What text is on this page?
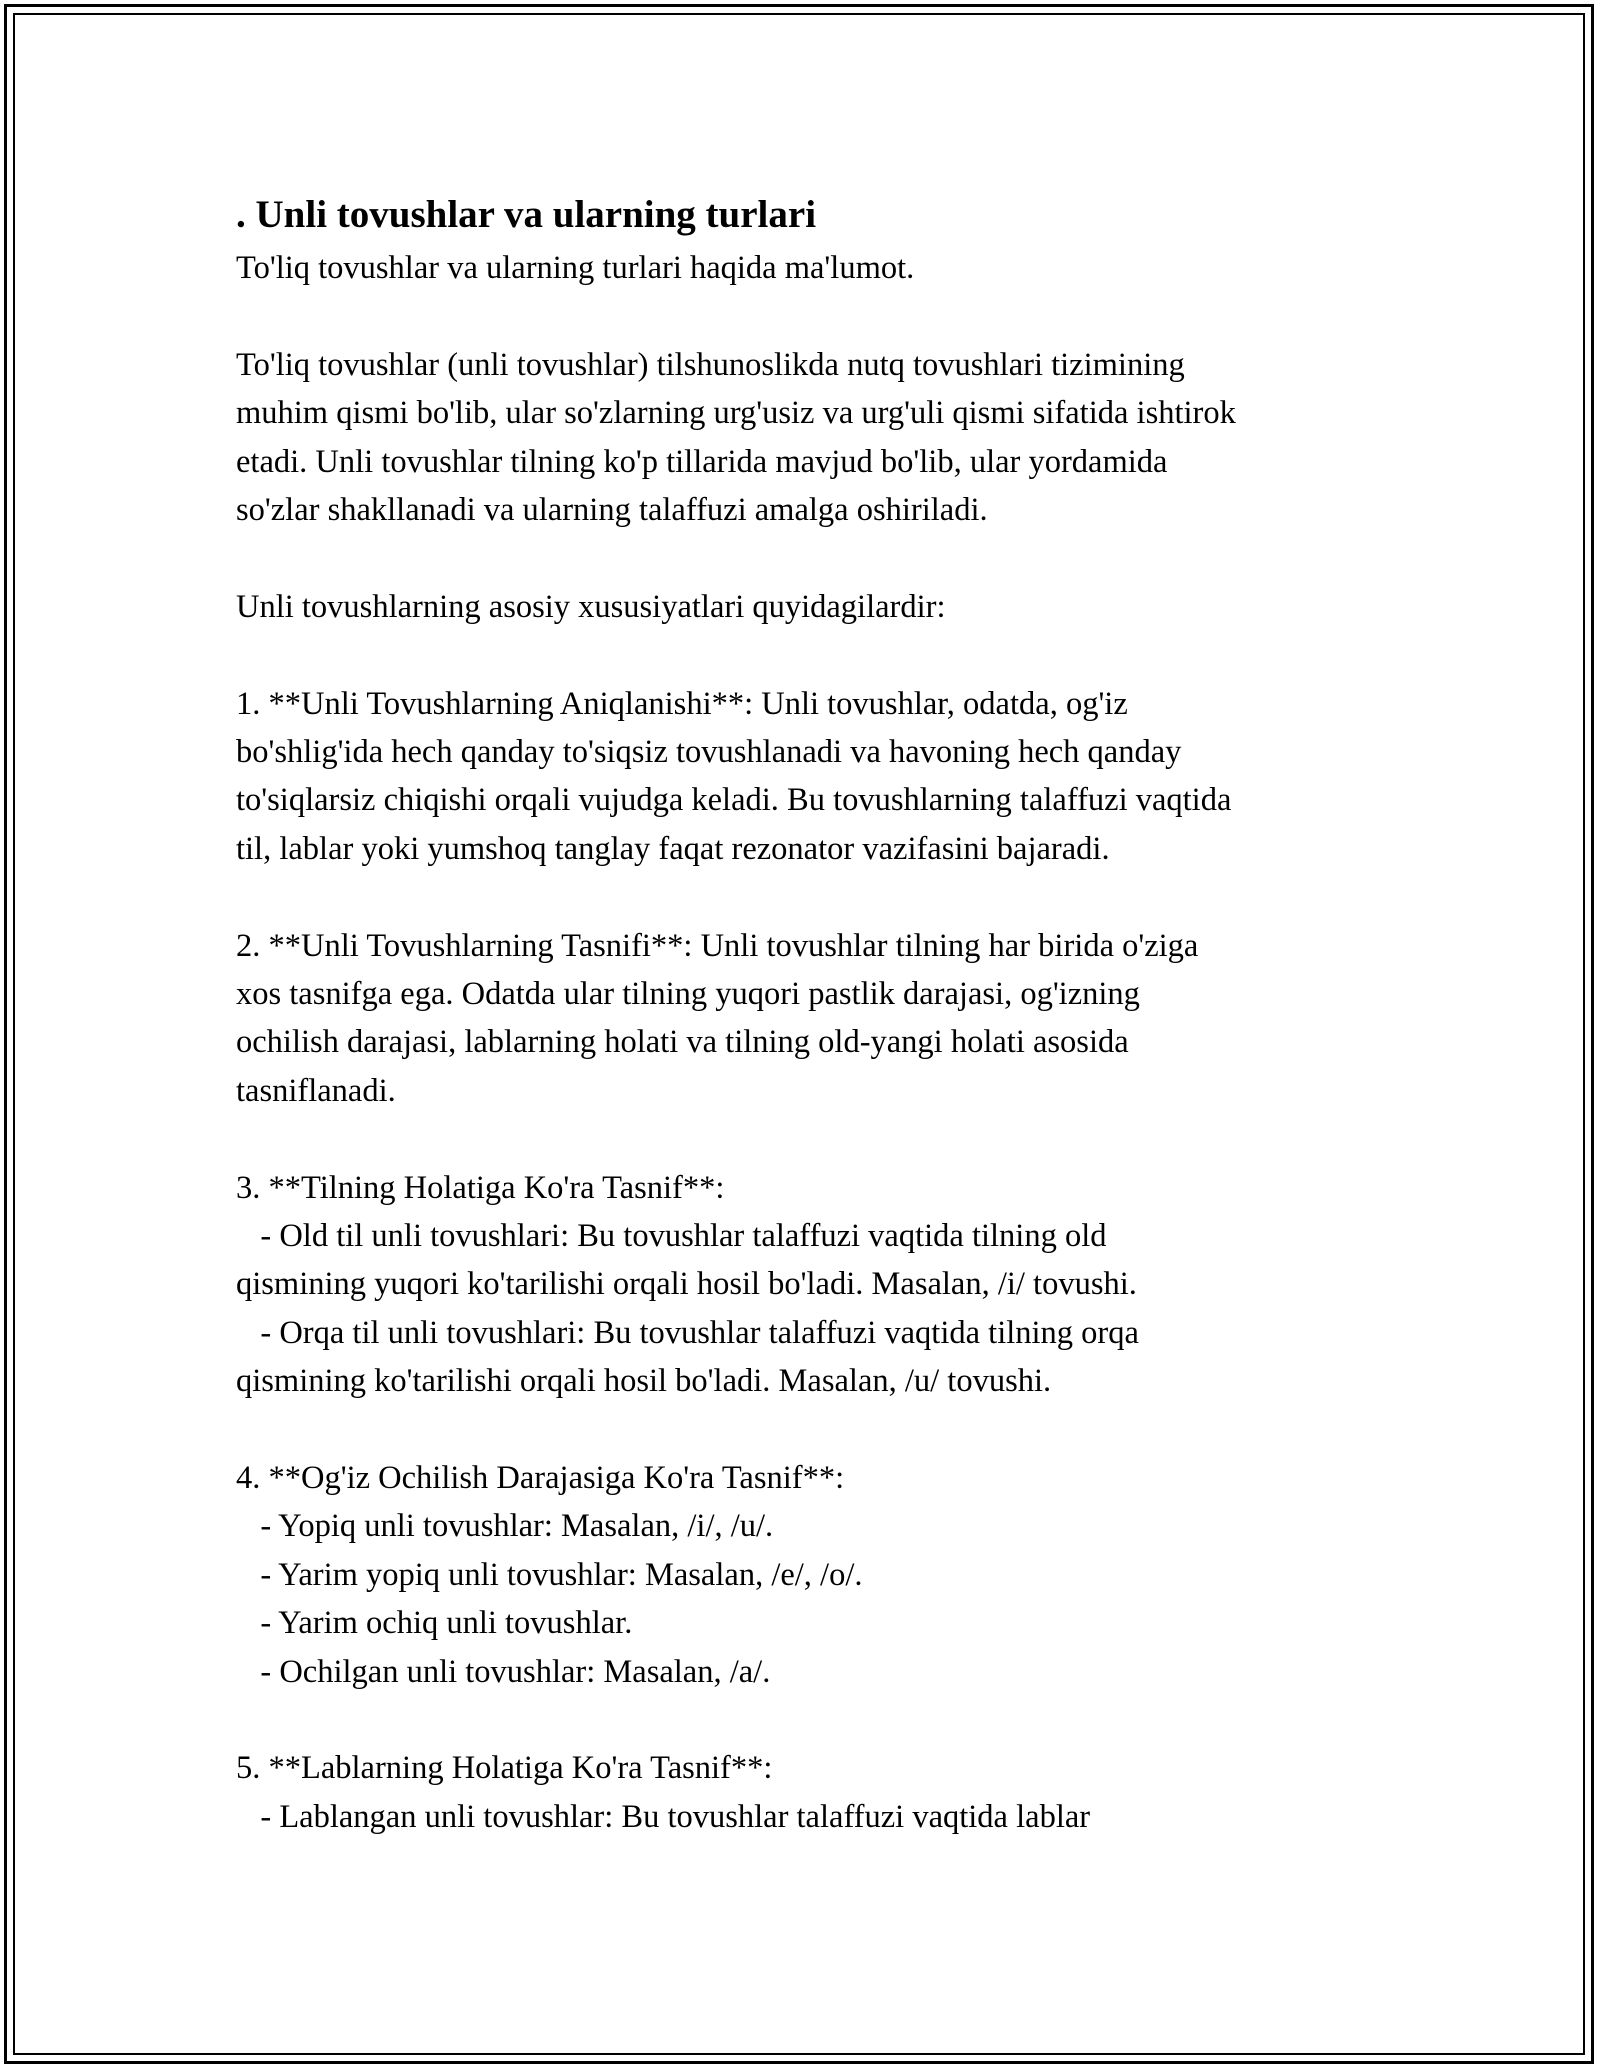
. Unli tovushlar va ularning turlari
To'liq tovushlar va ularning turlari haqida ma'lumot.
To'liq tovushlar (unli tovushlar) tilshunoslikda nutq tovushlari tizimining
muhim qismi bo'lib, ular so'zlarning urg'usiz va urg'uli qismi sifatida ishtirok
etadi. Unli tovushlar tilning ko'p tillarida mavjud bo'lib, ular yordamida
so'zlar shakllanadi va ularning talaffuzi amalga oshiriladi.
Unli tovushlarning asosiy xususiyatlari quyidagilardir:
1. **Unli Tovushlarning Aniqlanishi**: Unli tovushlar, odatda, og'iz
bo'shlig'ida hech qanday to'siqsiz tovushlanadi va havoning hech qanday
to'siqlarsiz chiqishi orqali vujudga keladi. Bu tovushlarning talaffuzi vaqtida
til, lablar yoki yumshoq tanglay faqat rezonator vazifasini bajaradi.
2. **Unli Tovushlarning Tasnifi**: Unli tovushlar tilning har birida o'ziga
xos tasnifga ega. Odatda ular tilning yuqori pastlik darajasi, og'izning
ochilish darajasi, lablarning holati va tilning old-yangi holati asosida
tasniflanadi.
3. **Tilning Holatiga Ko'ra Tasnif**:
- Old til unli tovushlari: Bu tovushlar talaffuzi vaqtida tilning old
qismining yuqori ko'tarilishi orqali hosil bo'ladi. Masalan, /i/ tovushi.
- Orqa til unli tovushlari: Bu tovushlar talaffuzi vaqtida tilning orqa
qismining ko'tarilishi orqali hosil bo'ladi. Masalan, /u/ tovushi.
4. **Og'iz Ochilish Darajasiga Ko'ra Tasnif**:
- Yopiq unli tovushlar: Masalan, /i/, /u/.
- Yarim yopiq unli tovushlar: Masalan, /e/, /o/.
- Yarim ochiq unli tovushlar.
- Ochilgan unli tovushlar: Masalan, /a/.
5. **Lablarning Holatiga Ko'ra Tasnif**:
- Lablangan unli tovushlar: Bu tovushlar talaffuzi vaqtida lablar
